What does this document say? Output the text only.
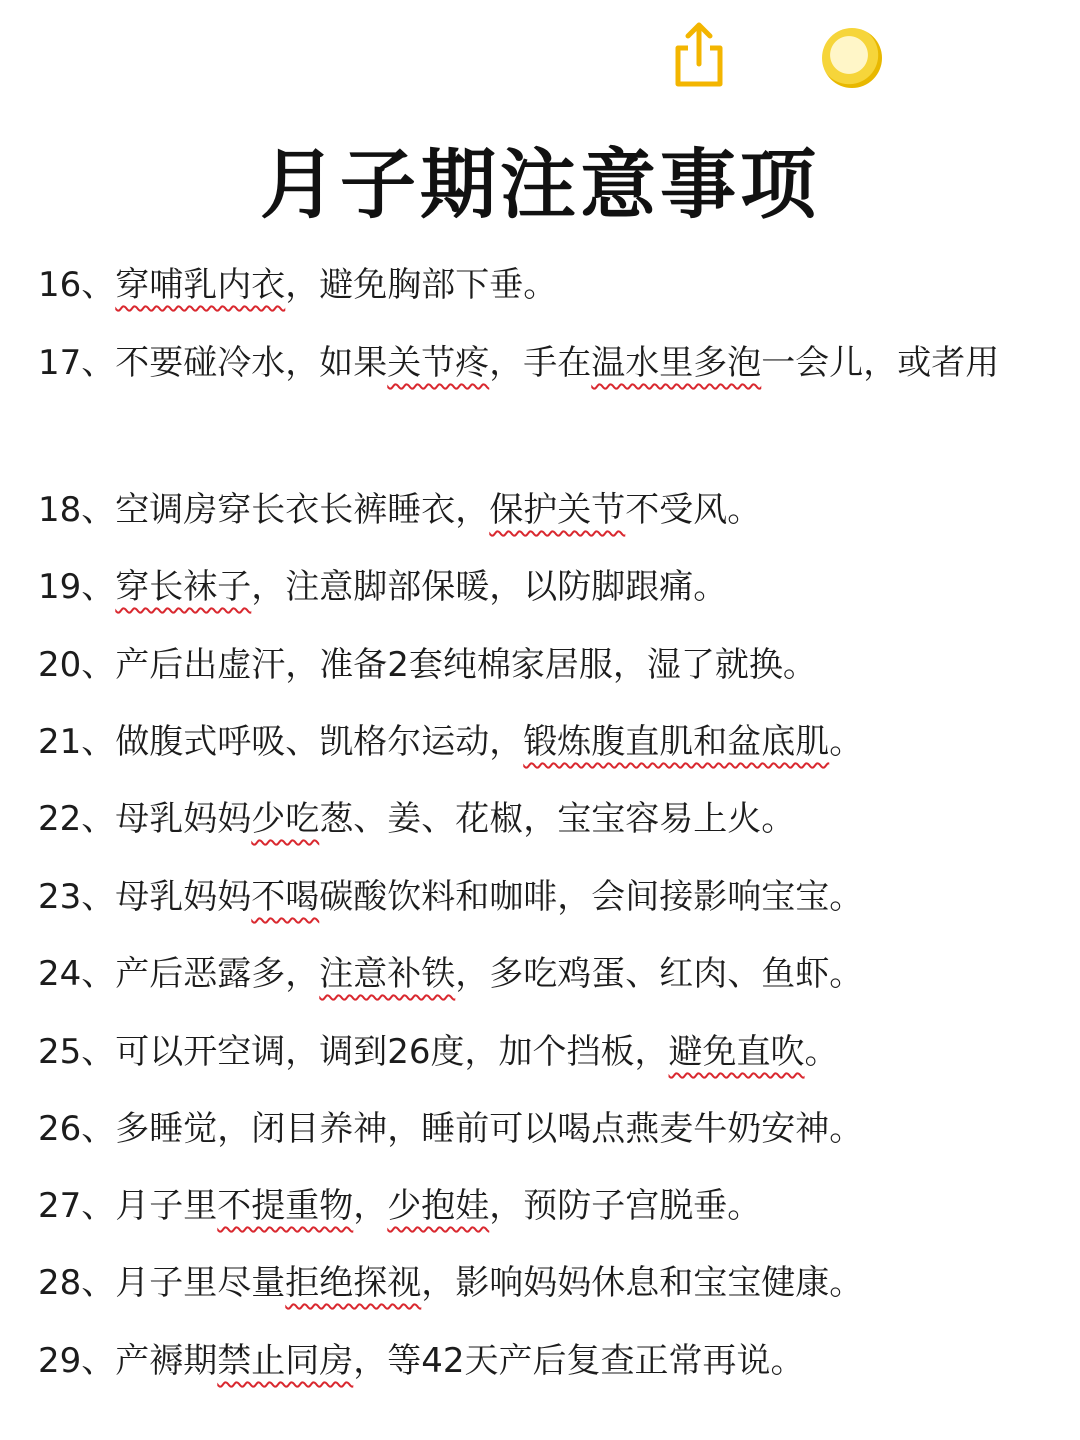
月子期注意事项
16、穿哺乳内衣，避免胸部下垂。
17、不要碰冷水，如果关节疼，手在温水里多泡一会儿，或者用
18、空调房穿长衣长裤睡衣，保护关节不受风。
19、穿长袜子，注意脚部保暖，以防脚跟痛。
20、产后出虚汗，准备2套纯棉家居服，湿了就换。
21、做腹式呼吸、凯格尔运动，锻炼腹直肌和盆底肌。
22、母乳妈妈少吃葱、姜、花椒，宝宝容易上火。
23、母乳妈妈不喝碳酸饮料和咖啡，会间接影响宝宝。
24、产后恶露多，注意补铁，多吃鸡蛋、红肉、鱼虾。
25、可以开空调，调到26度，加个挡板，避免直吹。
26、多睡觉，闭目养神，睡前可以喝点燕麦牛奶安神。
27、月子里不提重物，少抱娃，预防子宫脱垂。
28、月子里尽量拒绝探视，影响妈妈休息和宝宝健康。
29、产褥期禁止同房，等42天产后复查正常再说。
